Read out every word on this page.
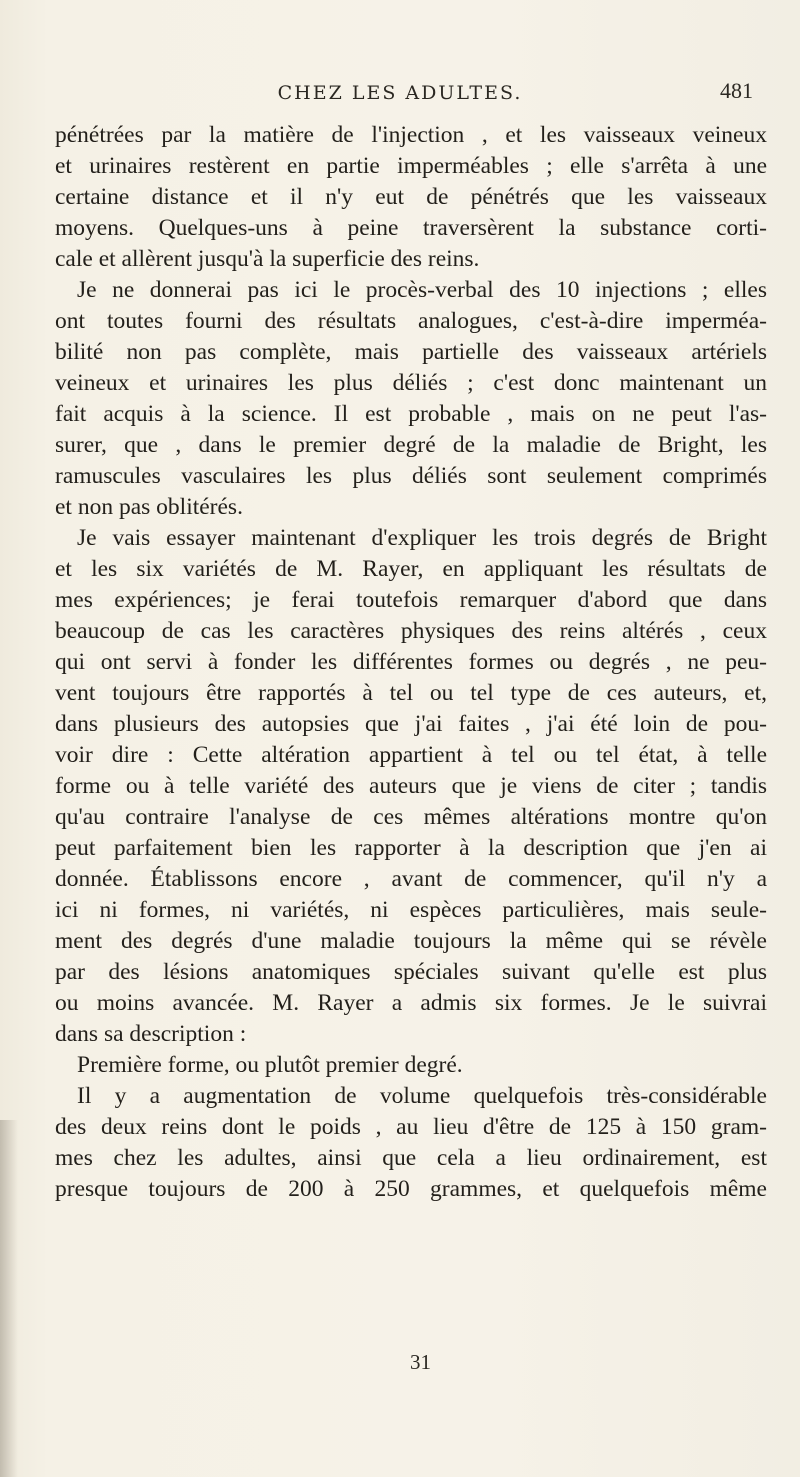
CHEZ LES ADULTES.	481
pénétrées par la matière de l'injection , et les vaisseaux veineux
et urinaires restèrent en partie imperméables ; elle s'arrêta à une
certaine distance et il n'y eut de pénétrés que les vaisseaux
moyens. Quelques-uns à peine traversèrent la substance corti-
cale et allèrent jusqu'à la superficie des reins.
Je ne donnerai pas ici le procès-verbal des 10 injections ; elles
ont toutes fourni des résultats analogues, c'est-à-dire imperméa-
bilité non pas complète, mais partielle des vaisseaux artériels
veineux et urinaires les plus déliés ; c'est donc maintenant un
fait acquis à la science. Il est probable , mais on ne peut l'as-
surer, que , dans le premier degré de la maladie de Bright, les
ramuscules vasculaires les plus déliés sont seulement comprimés
et non pas oblitérés.
Je vais essayer maintenant d'expliquer les trois degrés de Bright
et les six variétés de M. Rayer, en appliquant les résultats de
mes expériences; je ferai toutefois remarquer d'abord que dans
beaucoup de cas les caractères physiques des reins altérés , ceux
qui ont servi à fonder les différentes formes ou degrés , ne peu-
vent toujours être rapportés à tel ou tel type de ces auteurs, et,
dans plusieurs des autopsies que j'ai faites , j'ai été loin de pou-
voir dire : Cette altération appartient à tel ou tel état, à telle
forme ou à telle variété des auteurs que je viens de citer ; tandis
qu'au contraire l'analyse de ces mêmes altérations montre qu'on
peut parfaitement bien les rapporter à la description que j'en ai
donnée. Établissons encore , avant de commencer, qu'il n'y a
ici ni formes, ni variétés, ni espèces particulières, mais seule-
ment des degrés d'une maladie toujours la même qui se révèle
par des lésions anatomiques spéciales suivant qu'elle est plus
ou moins avancée. M. Rayer a admis six formes. Je le suivrai
dans sa description :
Première forme, ou plutôt premier degré.
Il y a augmentation de volume quelquefois très-considérable
des deux reins dont le poids , au lieu d'être de 125 à 150 gram-
mes chez les adultes, ainsi que cela a lieu ordinairement, est
presque toujours de 200 à 250 grammes, et quelquefois même
31
